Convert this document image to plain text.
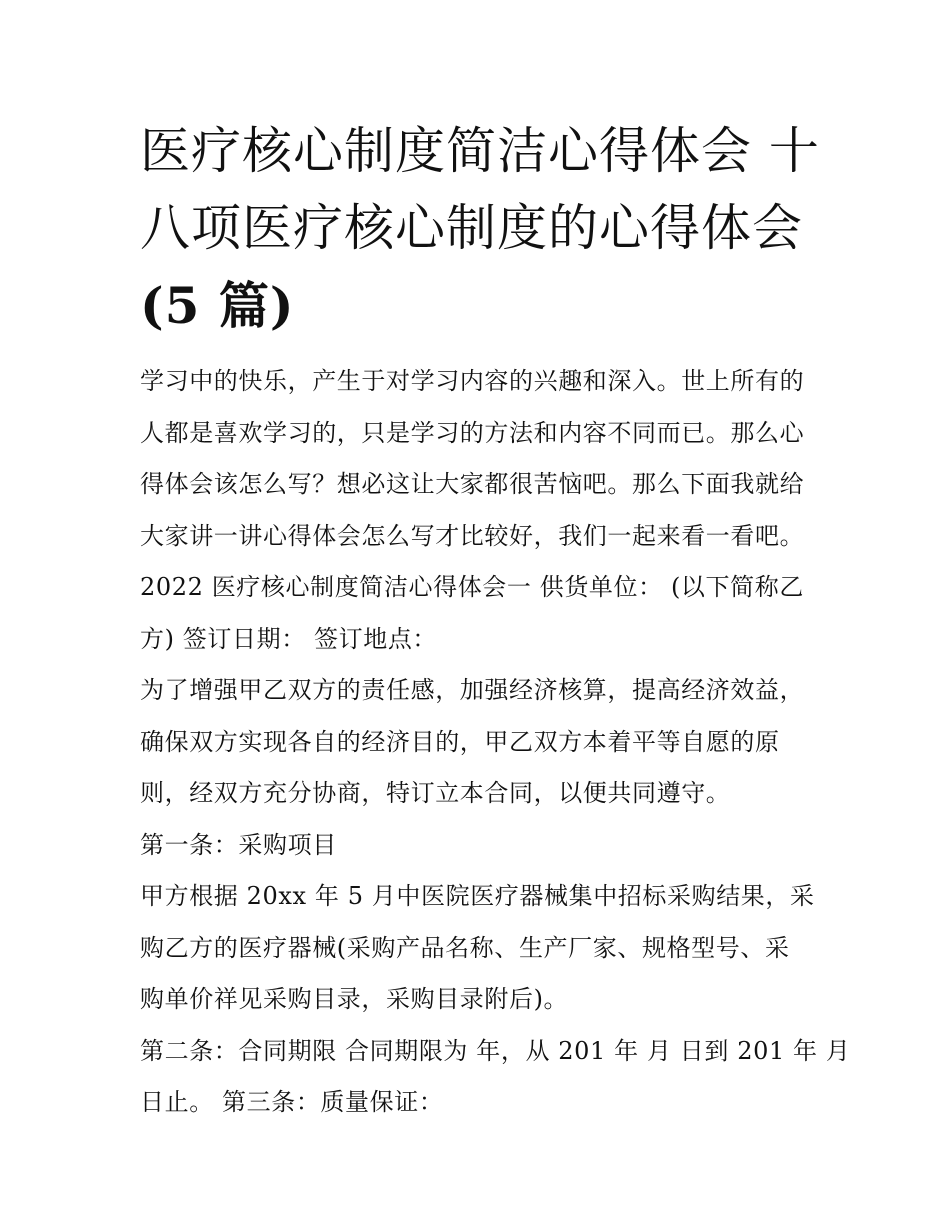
医疗核心制度简洁心得体会 十
八项医疗核心制度的心得体会
(5 篇)

学习中的快乐，产生于对学习内容的兴趣和深入。世上所有的
人都是喜欢学习的，只是学习的方法和内容不同而已。那么心
得体会该怎么写？想必这让大家都很苦恼吧。那么下面我就给
大家讲一讲心得体会怎么写才比较好，我们一起来看一看吧。

2022 医疗核心制度简洁心得体会一 供货单位： (以下简称乙
方) 签订日期： 签订地点：

为了增强甲乙双方的责任感，加强经济核算，提高经济效益，
确保双方实现各自的经济目的，甲乙双方本着平等自愿的原
则，经双方充分协商，特订立本合同，以便共同遵守。

第一条：采购项目

甲方根据 20xx 年 5 月中医院医疗器械集中招标采购结果，采
购乙方的医疗器械(采购产品名称、生产厂家、规格型号、采
购单价祥见采购目录，采购目录附后)。

第二条：合同期限 合同期限为 年，从 201 年 月 日到 201 年 月
日止。 第三条：质量保证：
